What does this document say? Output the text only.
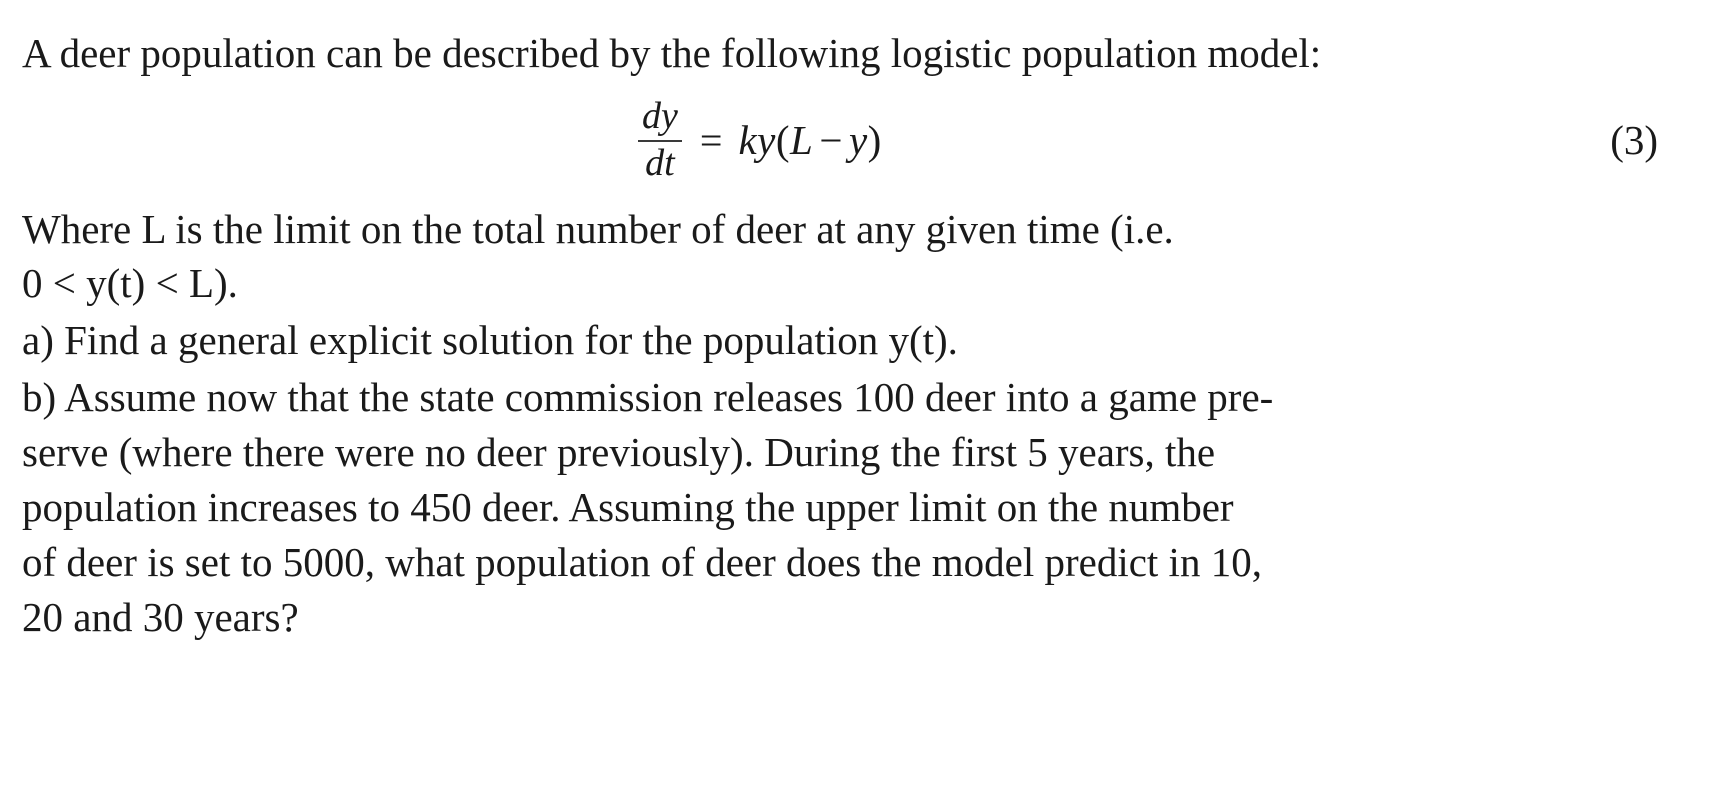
A deer population can be described by the following logistic population model:

$\frac{dy}{dt} = ky(L - y)$	(3)
Where L is the limit on the total number of deer at any given time (i.e.
0 < y(t) < L).
a) Find a general explicit solution for the population y(t).
b) Assume now that the state commission releases 100 deer into a game pre-
serve (where there were no deer previously). During the first 5 years, the
population increases to 450 deer. Assuming the upper limit on the number
of deer is set to 5000, what population of deer does the model predict in 10,
20 and 30 years?
